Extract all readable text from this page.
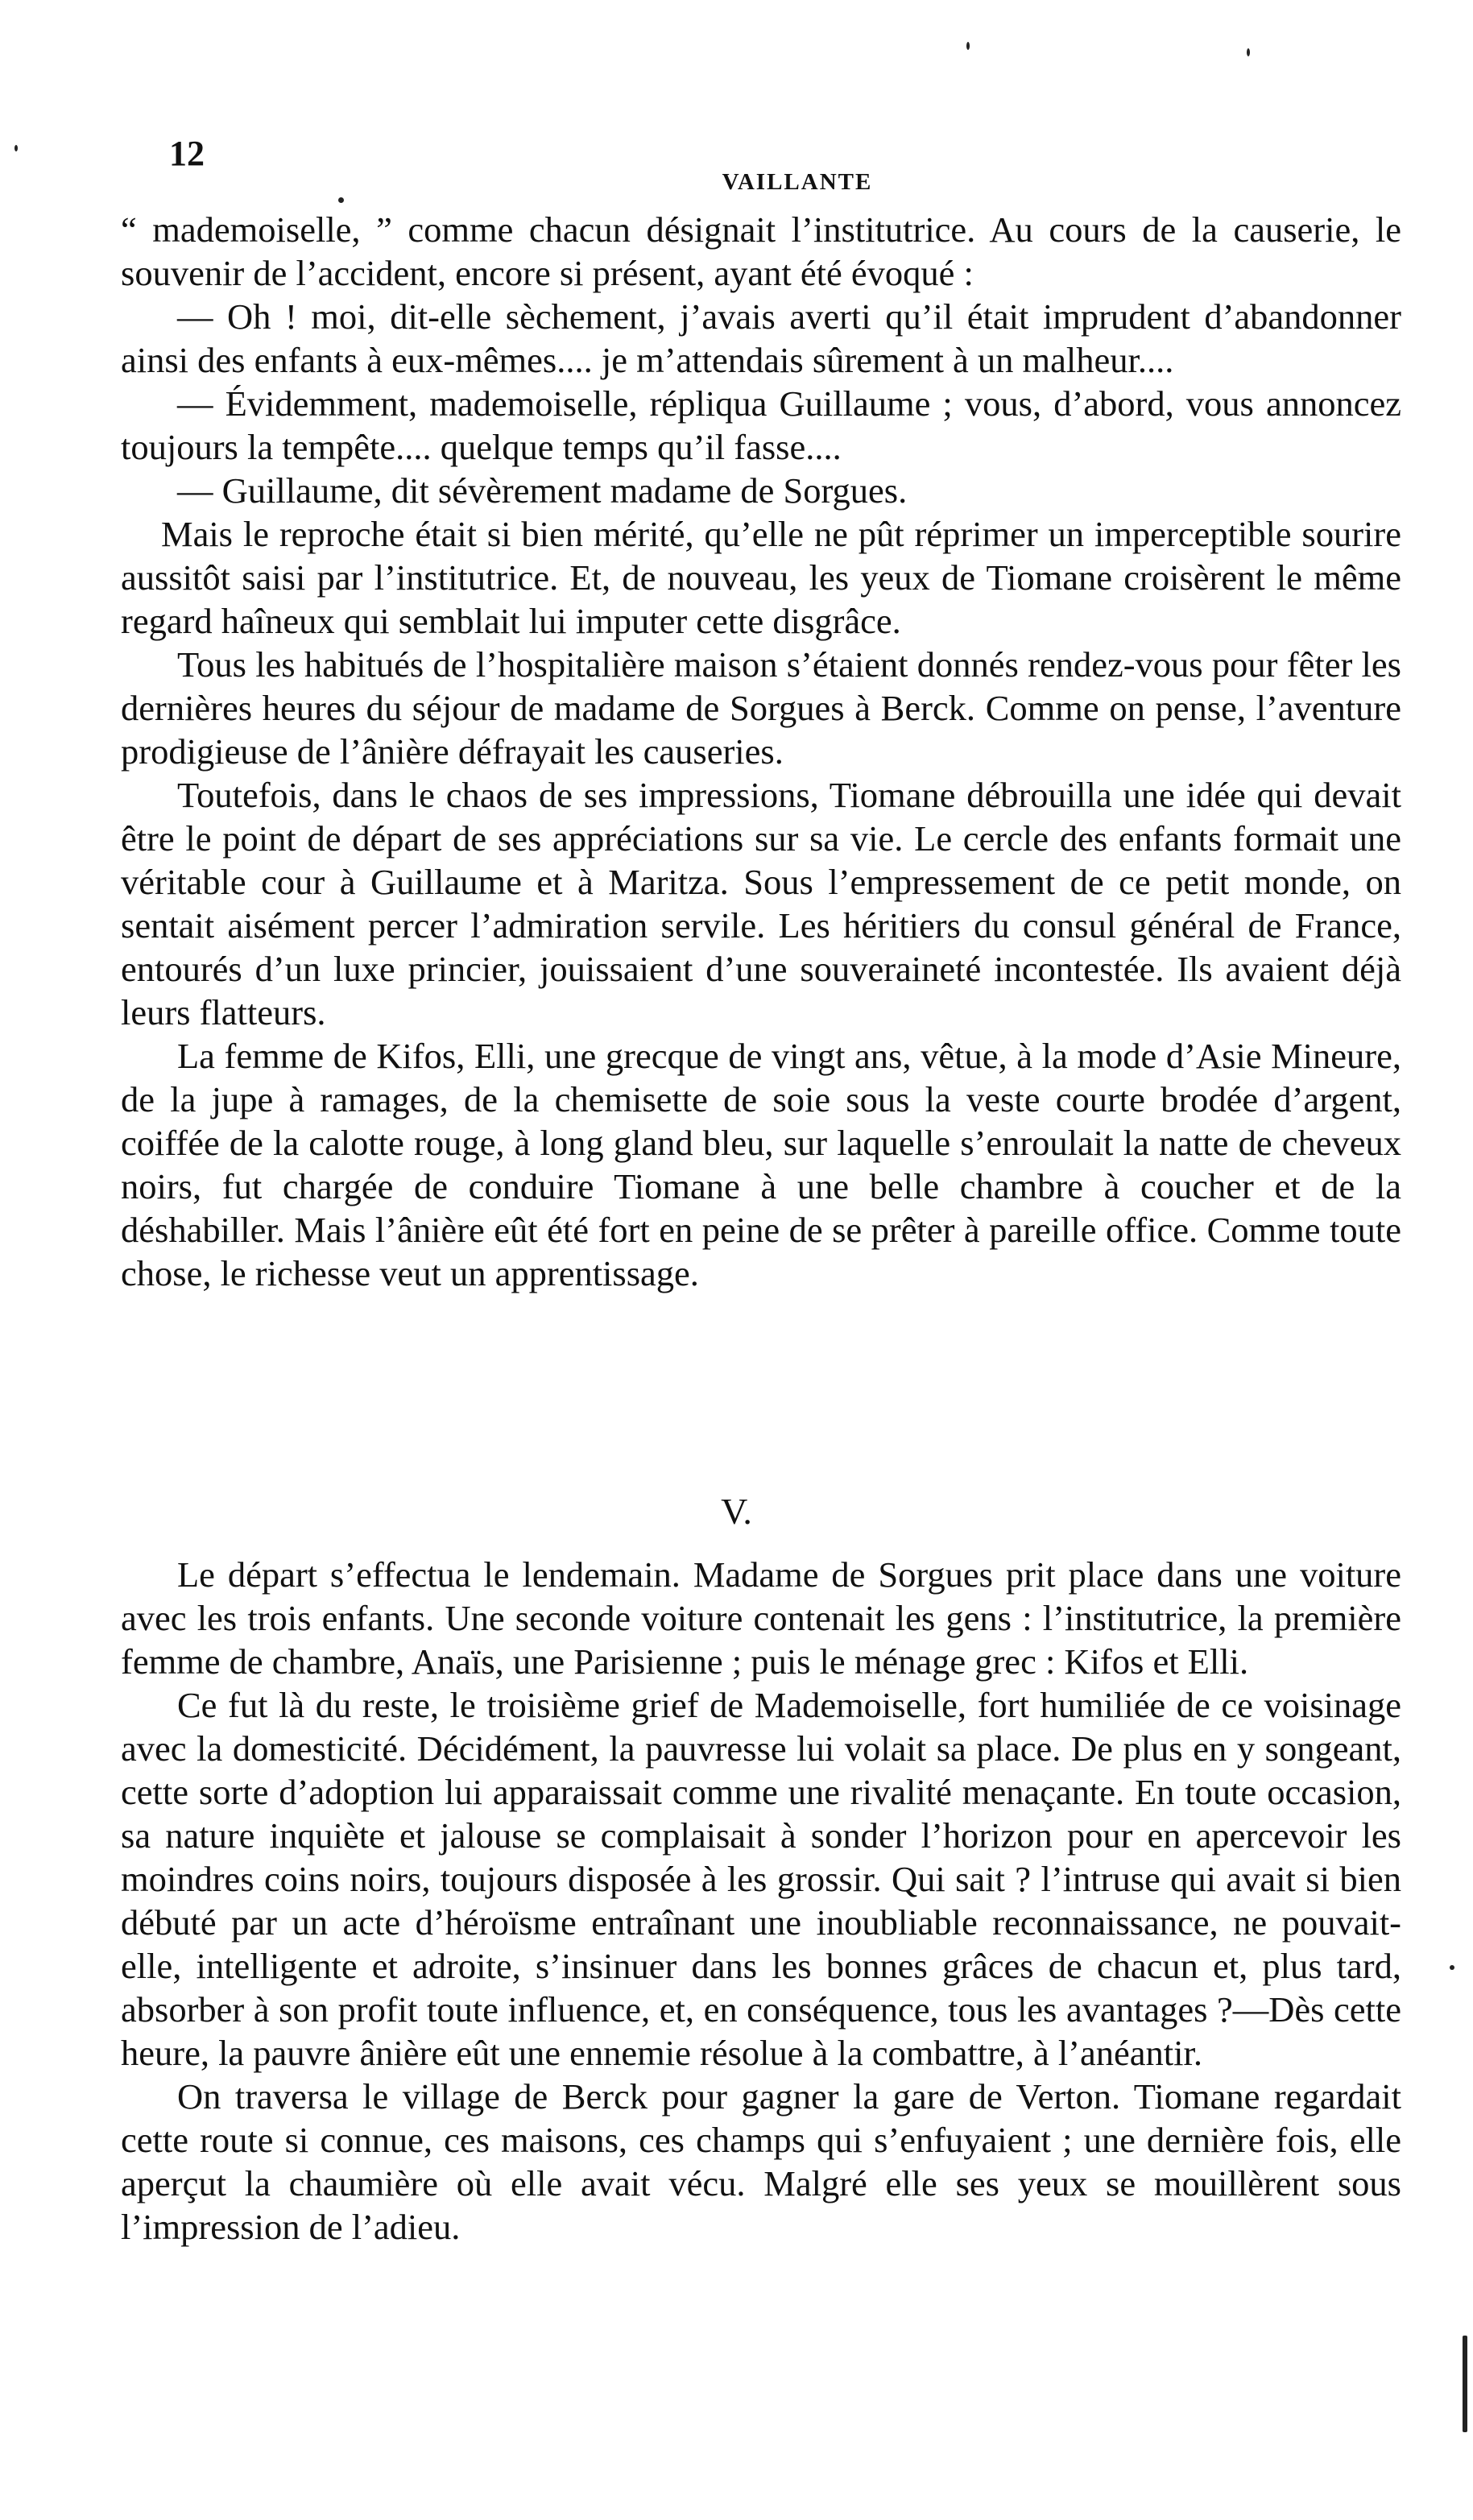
12
VAILLANTE

“ mademoiselle, ” comme chacun désignait l’institutrice. Au cours de la causerie, le souvenir de l’accident, encore si présent, ayant été évoqué :

— Oh ! moi, dit-elle sèchement, j’avais averti qu’il était imprudent d’abandonner ainsi des enfants à eux-mêmes.... je m’attendais sûrement à un malheur....

— Évidemment, mademoiselle, répliqua Guillaume ; vous, d’abord, vous annoncez toujours la tempête.... quelque temps qu’il fasse....

— Guillaume, dit sévèrement madame de Sorgues.

Mais le reproche était si bien mérité, qu’elle ne pût réprimer un imperceptible sourire aussitôt saisi par l’institutrice. Et, de nouveau, les yeux de Tiomane croisèrent le même regard haîneux qui semblait lui imputer cette disgrâce.

Tous les habitués de l’hospitalière maison s’étaient donnés rendez-vous pour fêter les dernières heures du séjour de madame de Sorgues à Berck. Comme on pense, l’aventure prodigieuse de l’ânière défrayait les causeries.

Toutefois, dans le chaos de ses impressions, Tiomane débrouilla une idée qui devait être le point de départ de ses appréciations sur sa vie. Le cercle des enfants formait une véritable cour à Guillaume et à Maritza. Sous l’empressement de ce petit monde, on sentait aisément percer l’admiration servile. Les héritiers du consul général de France, entourés d’un luxe princier, jouissaient d’une souveraineté incontestée. Ils avaient déjà leurs flatteurs.

La femme de Kifos, Elli, une grecque de vingt ans, vêtue, à la mode d’Asie Mineure, de la jupe à ramages, de la chemisette de soie sous la veste courte brodée d’argent, coiffée de la calotte rouge, à long gland bleu, sur laquelle s’enroulait la natte de cheveux noirs, fut chargée de conduire Tiomane à une belle chambre à coucher et de la déshabiller. Mais l’ânière eût été fort en peine de se prêter à pareille office. Comme toute chose, le richesse veut un apprentissage.

V.

Le départ s’effectua le lendemain. Madame de Sorgues prit place dans une voiture avec les trois enfants. Une seconde voiture contenait les gens : l’institutrice, la première femme de chambre, Anaïs, une Parisienne ; puis le ménage grec : Kifos et Elli.

Ce fut là du reste, le troisième grief de Mademoiselle, fort humiliée de ce voisinage avec la domesticité. Décidément, la pauvresse lui volait sa place. De plus en y songeant, cette sorte d’adoption lui apparaissait comme une rivalité menaçante. En toute occasion, sa nature inquiète et jalouse se complaisait à sonder l’horizon pour en apercevoir les moindres coins noirs, toujours disposée à les grossir. Qui sait ? l’intruse qui avait si bien débuté par un acte d’héroïsme entraînant une inoubliable reconnaissance, ne pouvait-elle, intelligente et adroite, s’insinuer dans les bonnes grâces de chacun et, plus tard, absorber à son profit toute influence, et, en conséquence, tous les avantages ?—Dès cette heure, la pauvre ânière eût une ennemie résolue à la combattre, à l’anéantir.

On traversa le village de Berck pour gagner la gare de Verton. Tiomane regardait cette route si connue, ces maisons, ces champs qui s’enfuyaient ; une dernière fois, elle aperçut la chaumière où elle avait vécu. Malgré elle ses yeux se mouillèrent sous l’impression de l’adieu.
